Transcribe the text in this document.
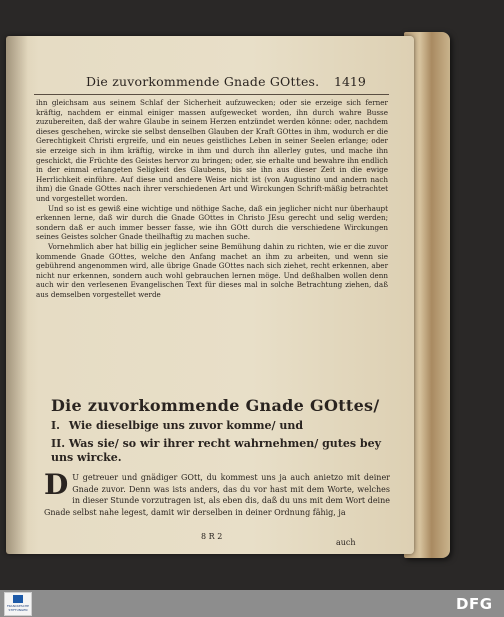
Die zuvorkommende Gnade GOttes. 1419

ihn gleichsam aus seinem Schlaf der Sicherheit aufzuwecken; oder sie erzeige sich ferner kräftig, nachdem er einmal einiger massen aufgewecket worden, ihn durch wahre Busse zuzubereiten, daß der wahre Glaube in seinem Herzen entzündet werden könne: oder, nachdem dieses geschehen, wircke sie selbst denselben Glauben der Kraft GOttes in ihm, wodurch er die Gerechtigkeit Christi ergreife, und ein neues geistliches Leben in seiner Seelen erlange; oder sie erzeige sich in ihm kräftig, wircke in ihm und durch ihn allerley gutes, und mache ihn geschickt, die Früchte des Geistes hervor zu bringen; oder, sie erhalte und bewahre ihn endlich in der einmal erlangeten Seligkeit des Glaubens, bis sie ihn aus dieser Zeit in die ewige Herrlichkeit einführe. Auf diese und andere Weise nicht ist (von Augustino und andern nach ihm) die Gnade GOttes nach ihrer verschiedenen Art und Wirckungen Schrift-mäßig betrachtet und vorgestellet worden.

Und so ist es gewiß eine wichtige und nöthige Sache, daß ein jeglicher nicht nur überhaupt erkennen lerne, daß wir durch die Gnade GOttes in Christo JEsu gerecht und selig werden; sondern daß er auch immer besser fasse, wie ihn GOtt durch die verschiedene Wirckungen seines Geistes solcher Gnade theilhaftig zu machen suche.

Vornehmlich aber hat billig ein jeglicher seine Bemühung dahin zu richten, wie er die zuvor kommende Gnade GOttes, welche den Anfang machet an ihm zu arbeiten, und wenn sie gebührend angenommen wird, alle übrige Gnade GOttes nach sich ziehet, recht erkennen, aber nicht nur erkennen, sondern auch wohl gebrauchen lernen möge. Und deßhalben wollen denn auch wir den verlesenen Evangelischen Text für dieses mal in solche Betrachtung ziehen, daß aus demselben vorgestellet werde

Die zuvorkommende Gnade GOttes/
I. Wie dieselbige uns zuvor komme/ und
II. Was sie/ so wir ihrer recht wahrnehmen/ gutes bey uns wircke.
D U getreuer und gnädiger GOtt, du kommest uns ja auch anietzo mit deiner Gnade zuvor. Denn was ists anders, das du vor hast mit dem Worte, welches in dieser Stunde vorzutragen ist, als eben dis, daß du uns mit dem Wort deine Gnade selbst nahe legest, damit wir derselben in deiner Ordnung fähig, ja
8 R 2
auch
FRANCKESCHE STIFTUNGEN	DFG
